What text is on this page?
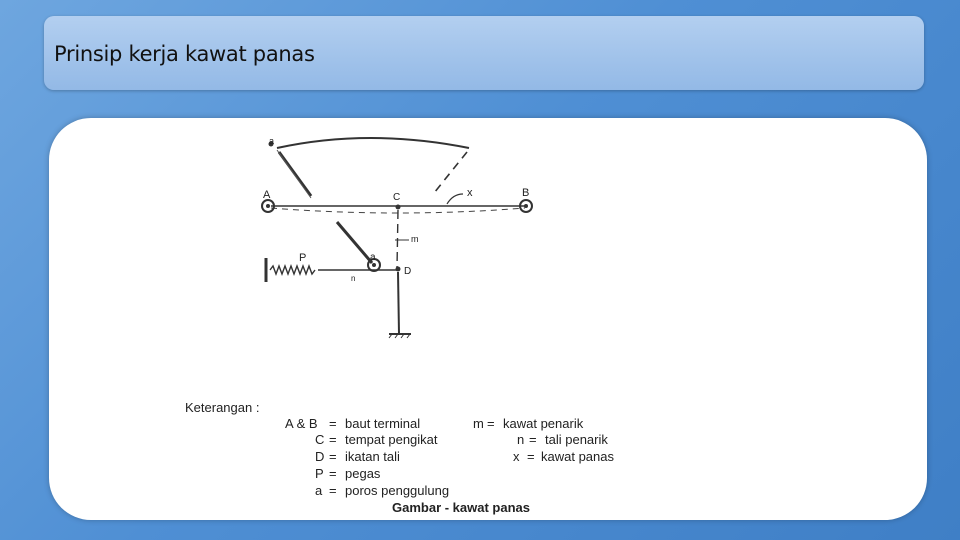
Prinsip kerja kawat panas
a
A	C	x	B
m
P	a
D
n
Gambar - kawat panas
Keterangan :
A & B = baut terminal
C = tempat pengikat
D = ikatan tali
P = pegas
a = poros penggulung
m = kawat penarik
n = tali penarik
x = kawat panas
